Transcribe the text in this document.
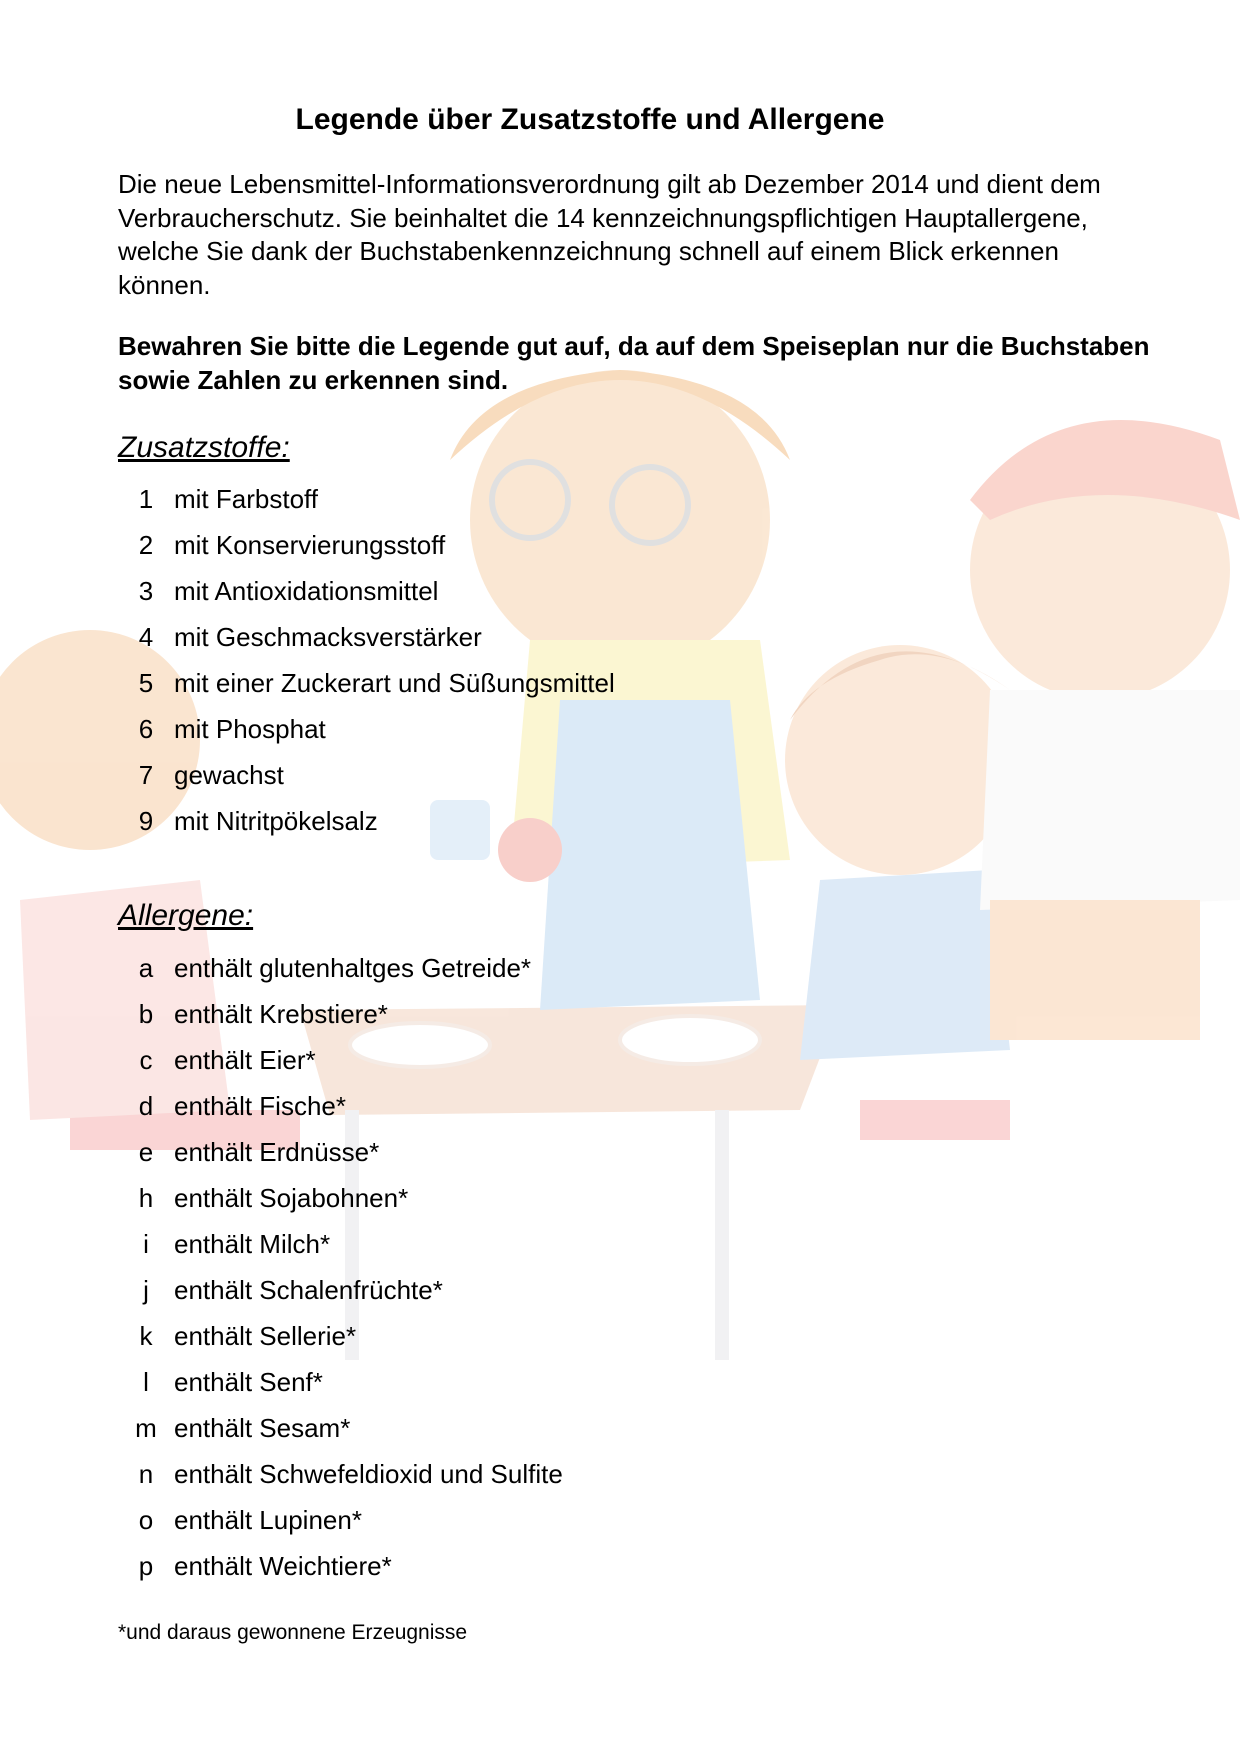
Legende über Zusatzstoffe und Allergene

Die neue Lebensmittel-Informationsverordnung gilt ab Dezember 2014 und dient dem Verbraucherschutz. Sie beinhaltet die 14 kennzeichnungspflichtigen Hauptallergene, welche Sie dank der Buchstabenkennzeichnung schnell auf einem Blick erkennen können.

Bewahren Sie bitte die Legende gut auf, da auf dem Speiseplan nur die Buchstaben sowie Zahlen zu erkennen sind.

Zusatzstoffe:
1 mit Farbstoff
2 mit Konservierungsstoff
3 mit Antioxidationsmittel
4 mit Geschmacksverstärker
5 mit einer Zuckerart und Süßungsmittel
6 mit Phosphat
7 gewachst
9 mit Nitritpökelsalz
Allergene:
a enthält glutenhaltges Getreide*
b enthält Krebstiere*
c enthält Eier*
d enthält Fische*
e enthält Erdnüsse*
h enthält Sojabohnen*
i enthält Milch*
j enthält Schalenfrüchte*
k enthält Sellerie*
l enthält Senf*
m enthält Sesam*
n enthält Schwefeldioxid und Sulfite
o enthält Lupinen*
p enthält Weichtiere*

*und daraus gewonnene Erzeugnisse
